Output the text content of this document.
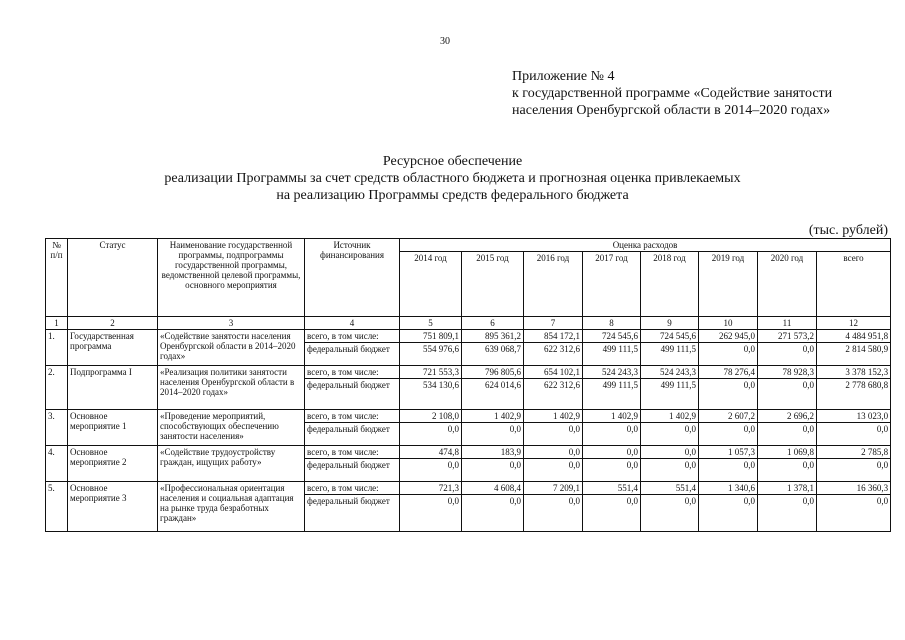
30
Приложение № 4
к государственной программе «Содействие занятости
населения Оренбургской области в 2014–2020 годах»
Ресурсное обеспечение
реализации Программы за счет средств областного бюджета и прогнозная оценка привлекаемых
на реализацию Программы средств федерального бюджета
(тыс. рублей)
№ п/п	Статус	Наименование государственной программы, подпрограммы государственной программы, ведомственной целевой программы, основного мероприятия	Источник финансирования	Оценка расходов							
				2014 год	2015 год	2016 год	2017 год	2018 год	2019 год	2020 год	всего
1	2	3	4	5	6	7	8	9	10	11	12
1.	Государственная программа	«Содействие занятости населения Оренбургской области в 2014–2020 годах»	всего, в том числе:	751 809,1	895 361,2	854 172,1	724 545,6	724 545,6	262 945,0	271 573,2	4 484 951,8
			федеральный бюджет	554 976,6	639 068,7	622 312,6	499 111,5	499 111,5	0,0	0,0	2 814 580,9
2.	Подпрограмма I	«Реализация политики занятости населения Оренбургской области в 2014–2020 годах»	всего, в том числе:	721 553,3	796 805,6	654 102,1	524 243,3	524 243,3	78 276,4	78 928,3	3 378 152,3
			федеральный бюджет	534 130,6	624 014,6	622 312,6	499 111,5	499 111,5	0,0	0,0	2 778 680,8
3.	Основное мероприятие 1	«Проведение мероприятий, способствующих обеспечению занятости населения»	всего, в том числе:	2 108,0	1 402,9	1 402,9	1 402,9	1 402,9	2 607,2	2 696,2	13 023,0
			федеральный бюджет	0,0	0,0	0,0	0,0	0,0	0,0	0,0	0,0
4.	Основное мероприятие 2	«Содействие трудоустройству граждан, ищущих работу»	всего, в том числе:	474,8	183,9	0,0	0,0	0,0	1 057,3	1 069,8	2 785,8
			федеральный бюджет	0,0	0,0	0,0	0,0	0,0	0,0	0,0	0,0
5.	Основное мероприятие 3	«Профессиональная ориентация населения и социальная адаптация на рынке труда безработных граждан»	всего, в том числе:	721,3	4 608,4	7 209,1	551,4	551,4	1 340,6	1 378,1	16 360,3
			федеральный бюджет	0,0	0,0	0,0	0,0	0,0	0,0	0,0	0,0
